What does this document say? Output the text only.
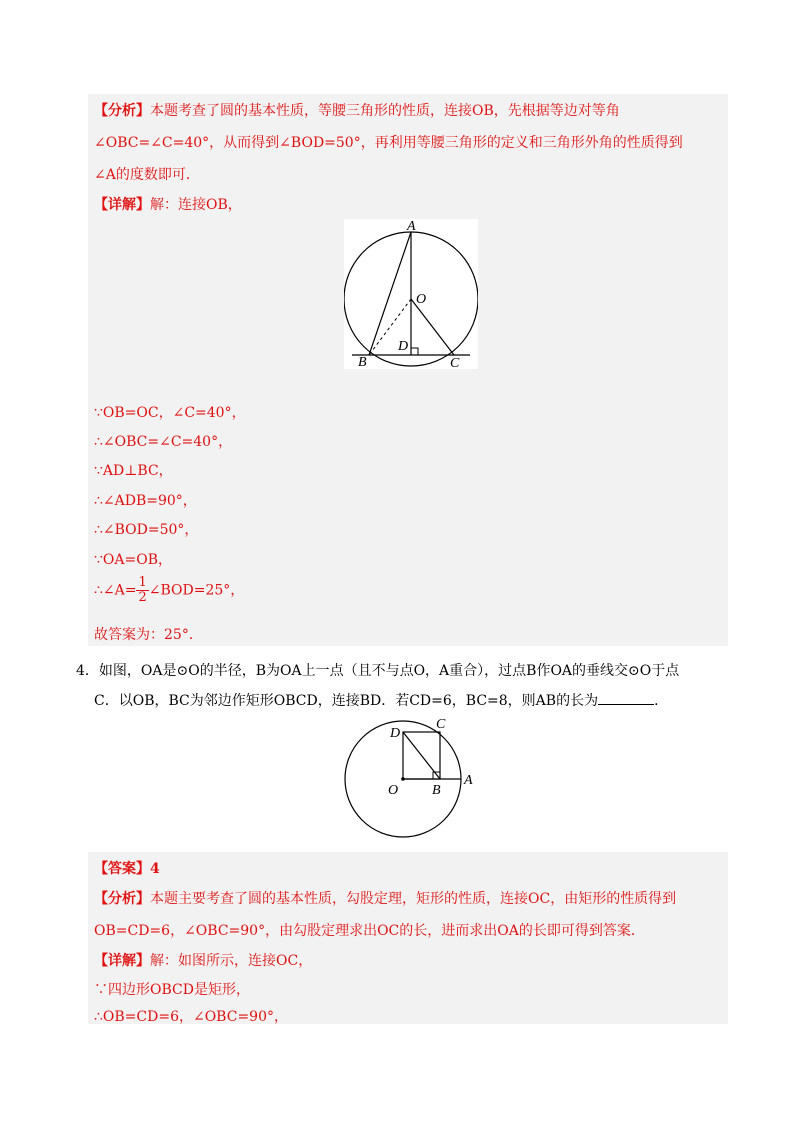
【分析】本题考查了圆的基本性质，等腰三角形的性质，连接OB，先根据等边对等角
∠OBC=∠C=40°，从而得到∠BOD=50°，再利用等腰三角形的定义和三角形外角的性质得到
∠A的度数即可．
【详解】解：连接OB，
A
O
D
B	C
∵OB=OC，∠C=40°，
∴∠OBC=∠C=40°，
∵AD⊥BC，
∴∠ADB=90°，
∴∠BOD=50°，
∵OA=OB，
∴∠A= $\frac{1}{2}$ ∠BOD=25°，
故答案为：25°．
4．如图，OA是⊙O的半径，B为OA上一点（且不与点O，A重合），过点B作OA的垂线交⊙O于点
C．以OB，BC为邻边作矩形OBCD，连接BD．若CD=6，BC=8，则AB的长为	．
C
D
O B
A
【答案】4
【分析】本题主要考查了圆的基本性质，勾股定理，矩形的性质，连接OC，由矩形的性质得到
OB=CD=6，∠OBC=90°，由勾股定理求出OC的长，进而求出OA的长即可得到答案．
【详解】解：如图所示，连接OC，
∵四边形OBCD是矩形，
∴OB=CD=6，∠OBC=90°，
